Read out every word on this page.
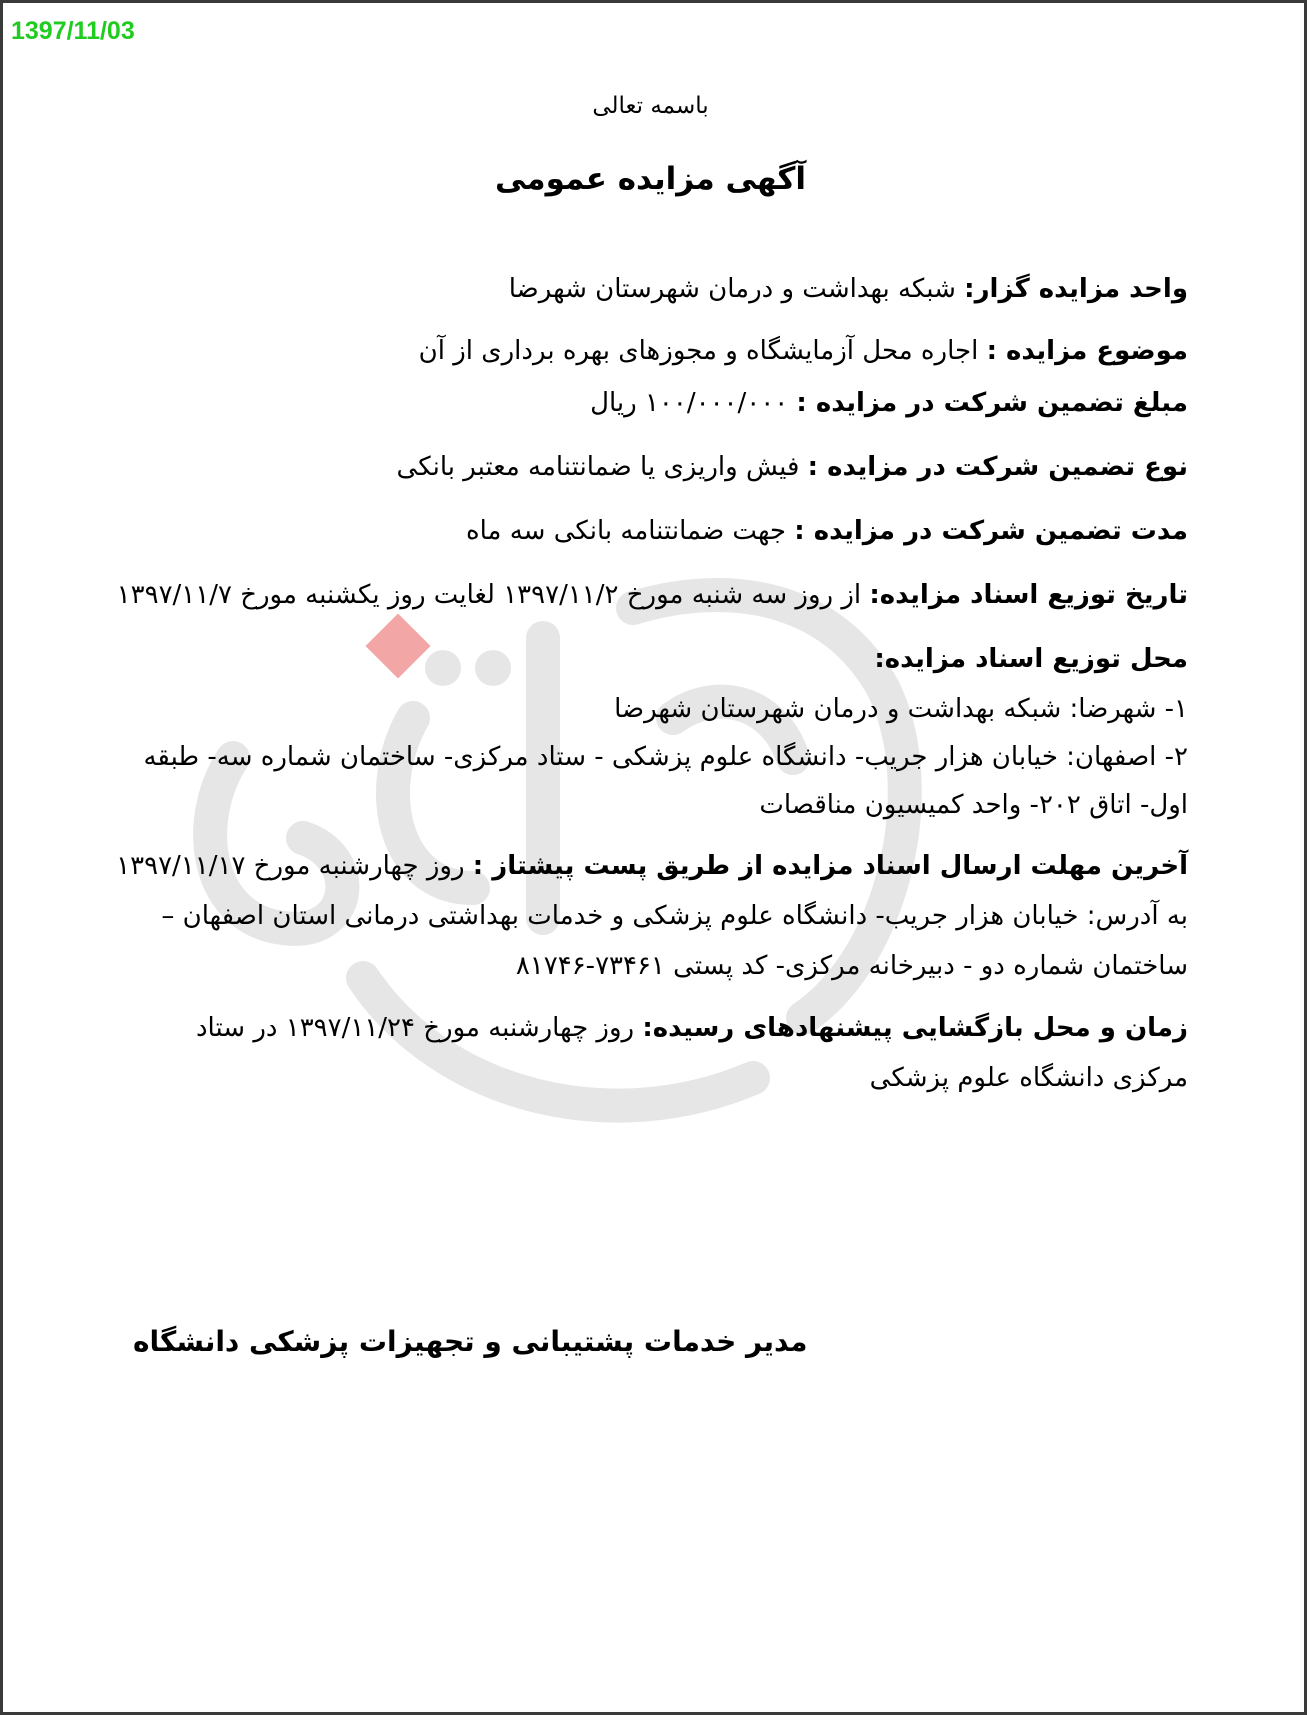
1397/11/03

باسمه تعالی

آگهی مزایده عمومی

واحد مزایده گزار: شبکه بهداشت و درمان شهرستان شهرضا

موضوع مزایده : اجاره محل آزمایشگاه و مجوزهای بهره برداری از آن

مبلغ تضمین شرکت در مزایده : ۱۰۰/۰۰۰/۰۰۰ ریال

نوع تضمین شرکت در مزایده : فیش واریزی یا ضمانتنامه معتبر بانکی

مدت تضمین شرکت در مزایده : جهت ضمانتنامه بانکی سه ماه

تاریخ توزیع اسناد مزایده: از روز سه شنبه مورخ ۱۳۹۷/۱۱/۲ لغایت روز یکشنبه مورخ ۱۳۹۷/۱۱/۷

محل توزیع اسناد مزایده:

۱- شهرضا: شبکه بهداشت و درمان شهرستان شهرضا

۲- اصفهان: خیابان هزار جریب- دانشگاه علوم پزشکی - ستاد مرکزی- ساختمان شماره سه- طبقه اول- اتاق ۲۰۲- واحد کمیسیون مناقصات

آخرین مهلت ارسال اسناد مزایده از طریق پست پیشتاز : روز چهارشنبه مورخ ۱۳۹۷/۱۱/۱۷ به آدرس: خیابان هزار جریب- دانشگاه علوم پزشکی و خدمات بهداشتی درمانی استان اصفهان – ساختمان شماره دو - دبیرخانه مرکزی- کد پستی ۷۳۴۶۱-۸۱۷۴۶

زمان و محل بازگشایی پیشنهادهای رسیده: روز چهارشنبه مورخ ۱۳۹۷/۱۱/۲۴ در ستاد مرکزی دانشگاه علوم پزشکی

مدیر خدمات پشتیبانی و تجهیزات پزشکی دانشگاه
